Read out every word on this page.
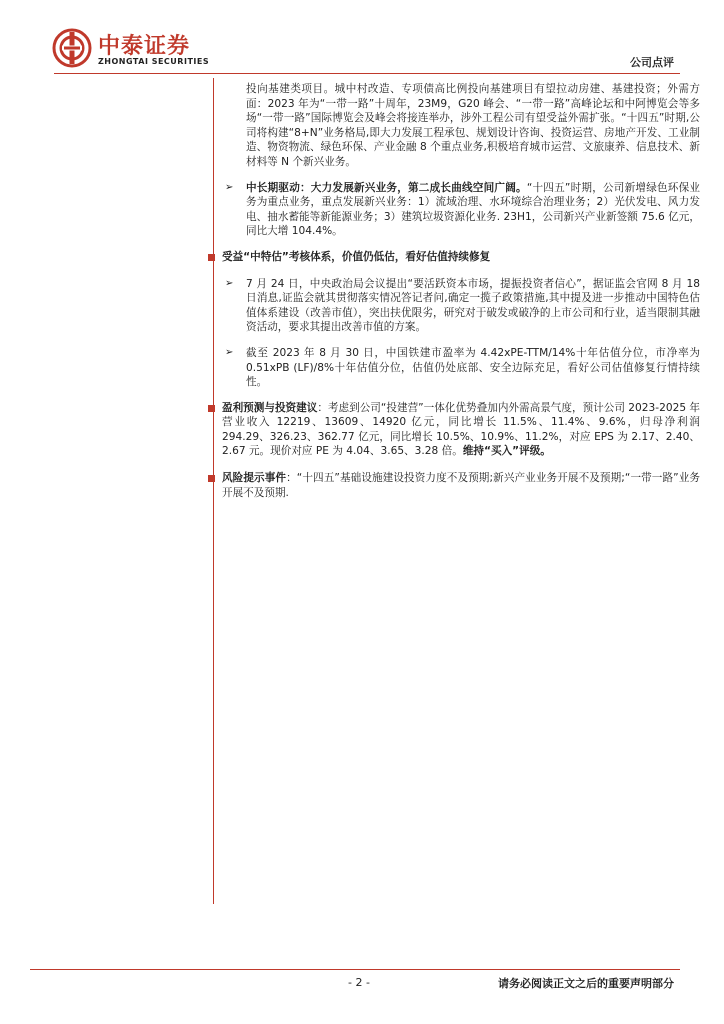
中泰证券
ZHONGTAI SECURITIES	公司点评

投向基建类项目。城中村改造、专项债高比例投向基建项目有望拉动房建、基建投资；外需方面：2023 年为“一带一路”十周年，23M9，G20 峰会、“一带一路”高峰论坛和中阿博览会等多场“一带一路”国际博览会及峰会将接连举办，涉外工程公司有望受益外需扩张。“十四五”时期,公司将构建“8+N”业务格局,即大力发展工程承包、规划设计咨询、投资运营、房地产开发、工业制造、物资物流、绿色环保、产业金融 8 个重点业务,积极培育城市运营、文旅康养、信息技术、新材料等 N 个新兴业务。

➢ 中长期驱动：大力发展新兴业务，第二成长曲线空间广阔。“十四五”时期，公司新增绿色环保业务为重点业务，重点发展新兴业务：1）流域治理、水环境综合治理业务；2）光伏发电、风力发电、抽水蓄能等新能源业务；3）建筑垃圾资源化业务. 23H1，公司新兴产业新签额 75.6 亿元，同比大增 104.4%。
受益“中特估”考核体系，价值仍低估，看好估值持续修复
➢ 7 月 24 日，中央政治局会议提出“要活跃资本市场，提振投资者信心”，据证监会官网 8 月 18 日消息,证监会就其贯彻落实情况答记者问,确定一揽子政策措施,其中提及进一步推动中国特色估值体系建设（改善市值），突出扶优限劣，研究对于破发或破净的上市公司和行业，适当限制其融资活动，要求其提出改善市值的方案。
➢ 截至 2023 年 8 月 30 日，中国铁建市盈率为 4.42xPE-TTM/14%十年估值分位，市净率为 0.51xPB (LF)/8%十年估值分位，估值仍处底部、安全边际充足，看好公司估值修复行情持续性。
盈利预测与投资建议：考虑到公司“投建营”一体化优势叠加内外需高景气度，预计公司 2023-2025 年营业收入 12219、13609、14920 亿元，同比增长 11.5%、11.4%、9.6%，归母净利润 294.29、326.23、362.77 亿元，同比增长 10.5%、10.9%、11.2%，对应 EPS 为 2.17、2.40、2.67 元。现价对应 PE 为 4.04、3.65、3.28 倍。维持“买入”评级。
风险提示事件：“十四五”基础设施建设投资力度不及预期;新兴产业业务开展不及预期;“一带一路”业务开展不及预期.
- 2 -	请务必阅读正文之后的重要声明部分
